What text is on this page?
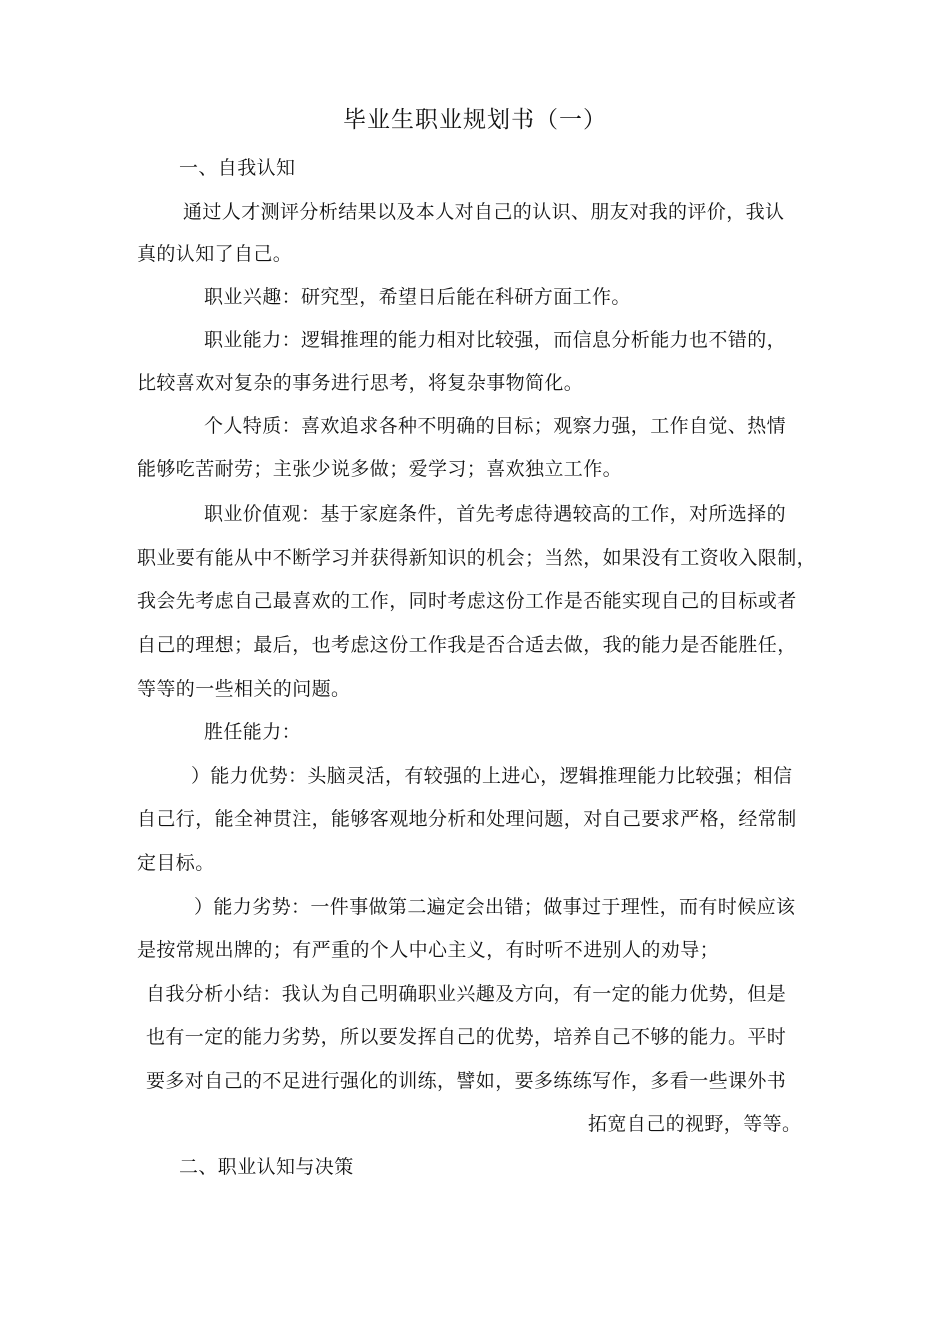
毕业生职业规划书（一）
一、自我认知
通过人才测评分析结果以及本人对自己的认识、朋友对我的评价，我认
真的认知了自己。
职业兴趣：研究型，希望日后能在科研方面工作。
职业能力：逻辑推理的能力相对比较强，而信息分析能力也不错的，
比较喜欢对复杂的事务进行思考，将复杂事物简化。
个人特质：喜欢追求各种不明确的目标；观察力强，工作自觉、热情
能够吃苦耐劳；主张少说多做；爱学习；喜欢独立工作。
职业价值观：基于家庭条件，首先考虑待遇较高的工作，对所选择的
职业要有能从中不断学习并获得新知识的机会；当然，如果没有工资收入限制，
我会先考虑自己最喜欢的工作，同时考虑这份工作是否能实现自己的目标或者
自己的理想；最后，也考虑这份工作我是否合适去做，我的能力是否能胜任，
等等的一些相关的问题。
胜任能力：
）能力优势：头脑灵活，有较强的上进心，逻辑推理能力比较强；相信
自己行，能全神贯注，能够客观地分析和处理问题，对自己要求严格，经常制
定目标。
）能力劣势：一件事做第二遍定会出错；做事过于理性，而有时候应该
是按常规出牌的；有严重的个人中心主义，有时听不进别人的劝导；
自我分析小结：我认为自己明确职业兴趣及方向，有一定的能力优势，但是
也有一定的能力劣势，所以要发挥自己的优势，培养自己不够的能力。平时
要多对自己的不足进行强化的训练，譬如，要多练练写作，多看一些课外书
拓宽自己的视野，等等。
二、职业认知与决策
